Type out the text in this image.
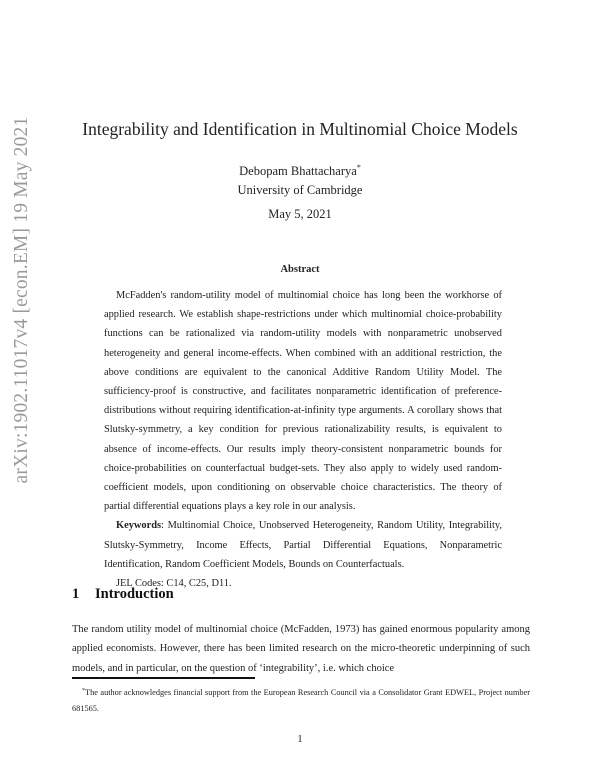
arXiv:1902.11017v4 [econ.EM] 19 May 2021	Integrability and Identification in Multinomial Choice Models
Debopam Bhattacharya*
University of Cambridge
May 5, 2021
Abstract

McFadden's random-utility model of multinomial choice has long been the workhorse of applied research. We establish shape-restrictions under which multinomial choice-probability functions can be rationalized via random-utility models with nonparametric unobserved heterogeneity and general income-effects. When combined with an additional restriction, the above conditions are equivalent to the canonical Additive Random Utility Model. The sufficiency-proof is constructive, and facilitates nonparametric identification of preference-distributions without requiring identification-at-infinity type arguments. A corollary shows that Slutsky-symmetry, a key condition for previous rationalizability results, is equivalent to absence of income-effects. Our results imply theory-consistent nonparametric bounds for choice-probabilities on counterfactual budget-sets. They also apply to widely used random-coefficient models, upon conditioning on observable choice characteristics. The theory of partial differential equations plays a key role in our analysis.

Keywords: Multinomial Choice, Unobserved Heterogeneity, Random Utility, Integrability, Slutsky-Symmetry, Income Effects, Partial Differential Equations, Nonparametric Identification, Random Coefficient Models, Bounds on Counterfactuals.

JEL Codes: C14, C25, D11.

1 Introduction

The random utility model of multinomial choice (McFadden, 1973) has gained enormous popularity among applied economists. However, there has been limited research on the micro-theoretic underpinning of such models, and in particular, on the question of ‘integrability’, i.e. which choice

*The author acknowledges financial support from the European Research Council via a Consolidator Grant EDWEL, Project number 681565.

1
